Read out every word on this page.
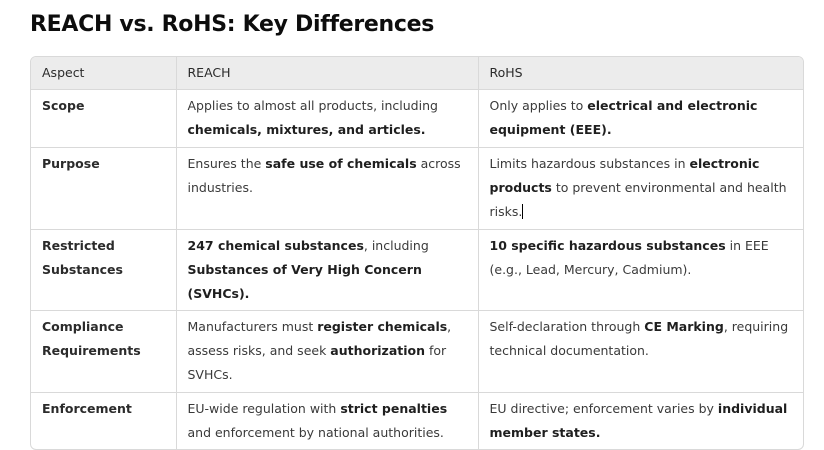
REACH vs. RoHS: Key Differences
Aspect	REACH	RoHS
Scope	Applies to almost all products, including chemicals, mixtures, and articles.	Only applies to electrical and electronic equipment (EEE).
Purpose	Ensures the safe use of chemicals across industries.	Limits hazardous substances in electronic products to prevent environmental and health risks.
Restricted Substances	247 chemical substances, including Substances of Very High Concern (SVHCs).	10 specific hazardous substances in EEE (e.g., Lead, Mercury, Cadmium).
Compliance Requirements	Manufacturers must register chemicals, assess risks, and seek authorization for SVHCs.	Self-declaration through CE Marking, requiring technical documentation.
Enforcement	EU-wide regulation with strict penalties and enforcement by national authorities.	EU directive; enforcement varies by individual member states.
